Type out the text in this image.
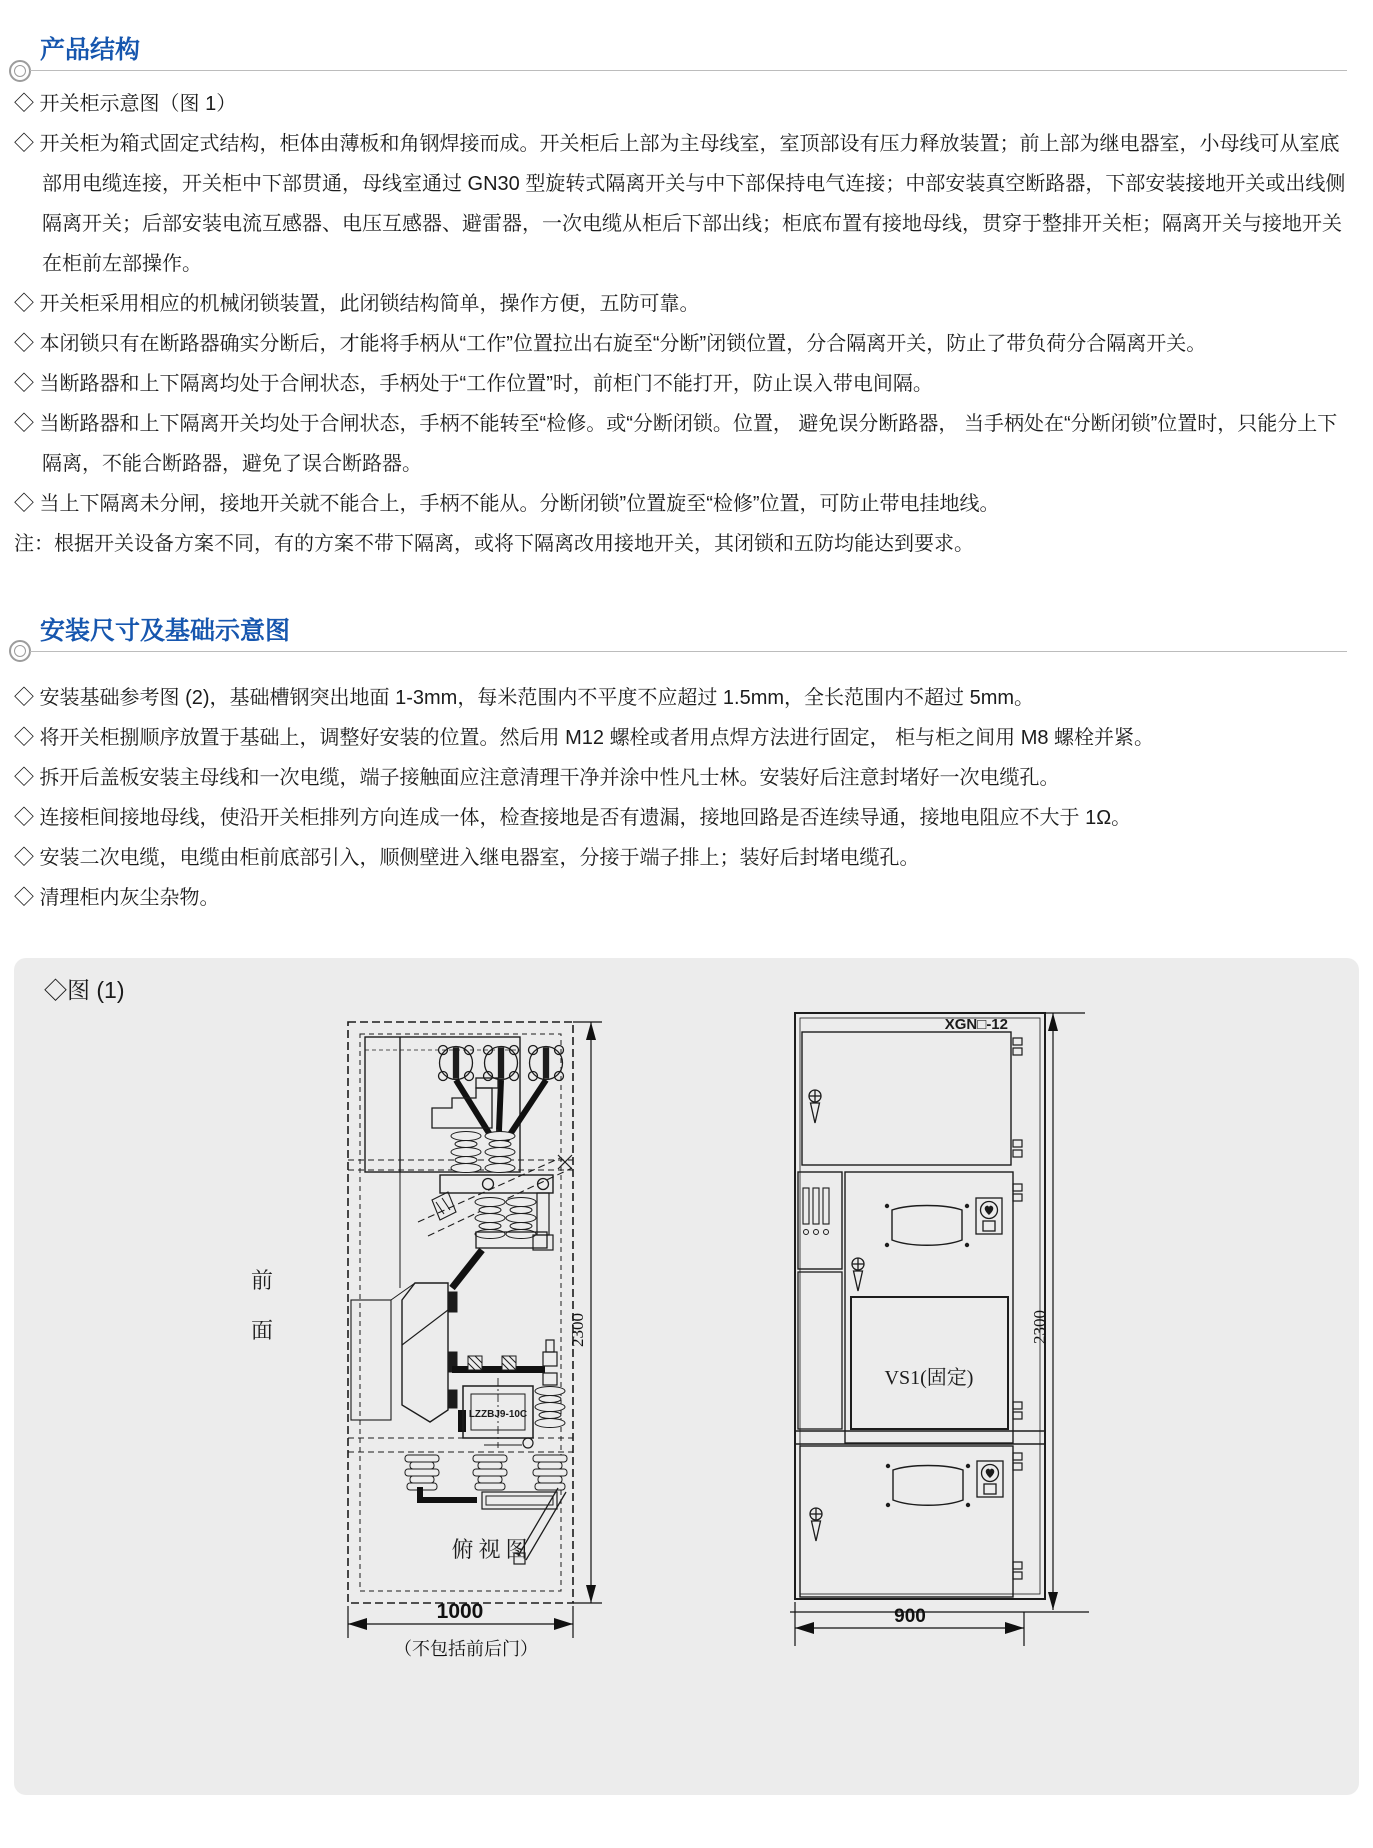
产品结构
◇ 开关柜示意图（图 1）
◇ 开关柜为箱式固定式结构，柜体由薄板和角钢焊接而成。开关柜后上部为主母线室，室顶部设有压力释放装置；前上部为继电器室，小母线可从室底部用电缆连接，开关柜中下部贯通，母线室通过 GN30 型旋转式隔离开关与中下部保持电气连接；中部安装真空断路器，下部安装接地开关或出线侧隔离开关；后部安装电流互感器、电压互感器、避雷器，一次电缆从柜后下部出线；柜底布置有接地母线，贯穿于整排开关柜；隔离开关与接地开关在柜前左部操作。
◇ 开关柜采用相应的机械闭锁装置，此闭锁结构简单，操作方便，五防可靠。
◇ 本闭锁只有在断路器确实分断后，才能将手柄从“工作”位置拉出右旋至“分断”闭锁位置，分合隔离开关，防止了带负荷分合隔离开关。
◇ 当断路器和上下隔离均处于合闸状态，手柄处于“工作位置”时，前柜门不能打开，防止误入带电间隔。
◇ 当断路器和上下隔离开关均处于合闸状态，手柄不能转至“检修。或“分断闭锁。位置， 避免误分断路器， 当手柄处在“分断闭锁”位置时，只能分上下隔离，不能合断路器，避免了误合断路器。
◇ 当上下隔离未分闸，接地开关就不能合上，手柄不能从。分断闭锁”位置旋至“检修”位置，可防止带电挂地线。
注：根据开关设备方案不同，有的方案不带下隔离，或将下隔离改用接地开关，其闭锁和五防均能达到要求。
安装尺寸及基础示意图
◇ 安装基础参考图 (2)，基础槽钢突出地面 1-3mm，每米范围内不平度不应超过 1.5mm，全长范围内不超过 5mm。
◇ 将开关柜捌顺序放置于基础上，调整好安装的位置。然后用 M12 螺栓或者用点焊方法进行固定， 柜与柜之间用 M8 螺栓并紧。
◇ 拆开后盖板安装主母线和一次电缆，端子接触面应注意清理干净并涂中性凡士林。安装好后注意封堵好一次电缆孔。
◇ 连接柜间接地母线，使沿开关柜排列方向连成一体，检查接地是否有遗漏，接地回路是否连续导通，接地电阻应不大于 1Ω。
◇ 安装二次电缆，电缆由柜前底部引入，顺侧壁进入继电器室，分接于端子排上；装好后封堵电缆孔。
◇ 清理柜内灰尘杂物。
◇图 (1)
LZZBJ9-10C
前
面
俯视图
2300
1000
（不包括前后门）
XGN□-12
VS1(固定)
2300
900
